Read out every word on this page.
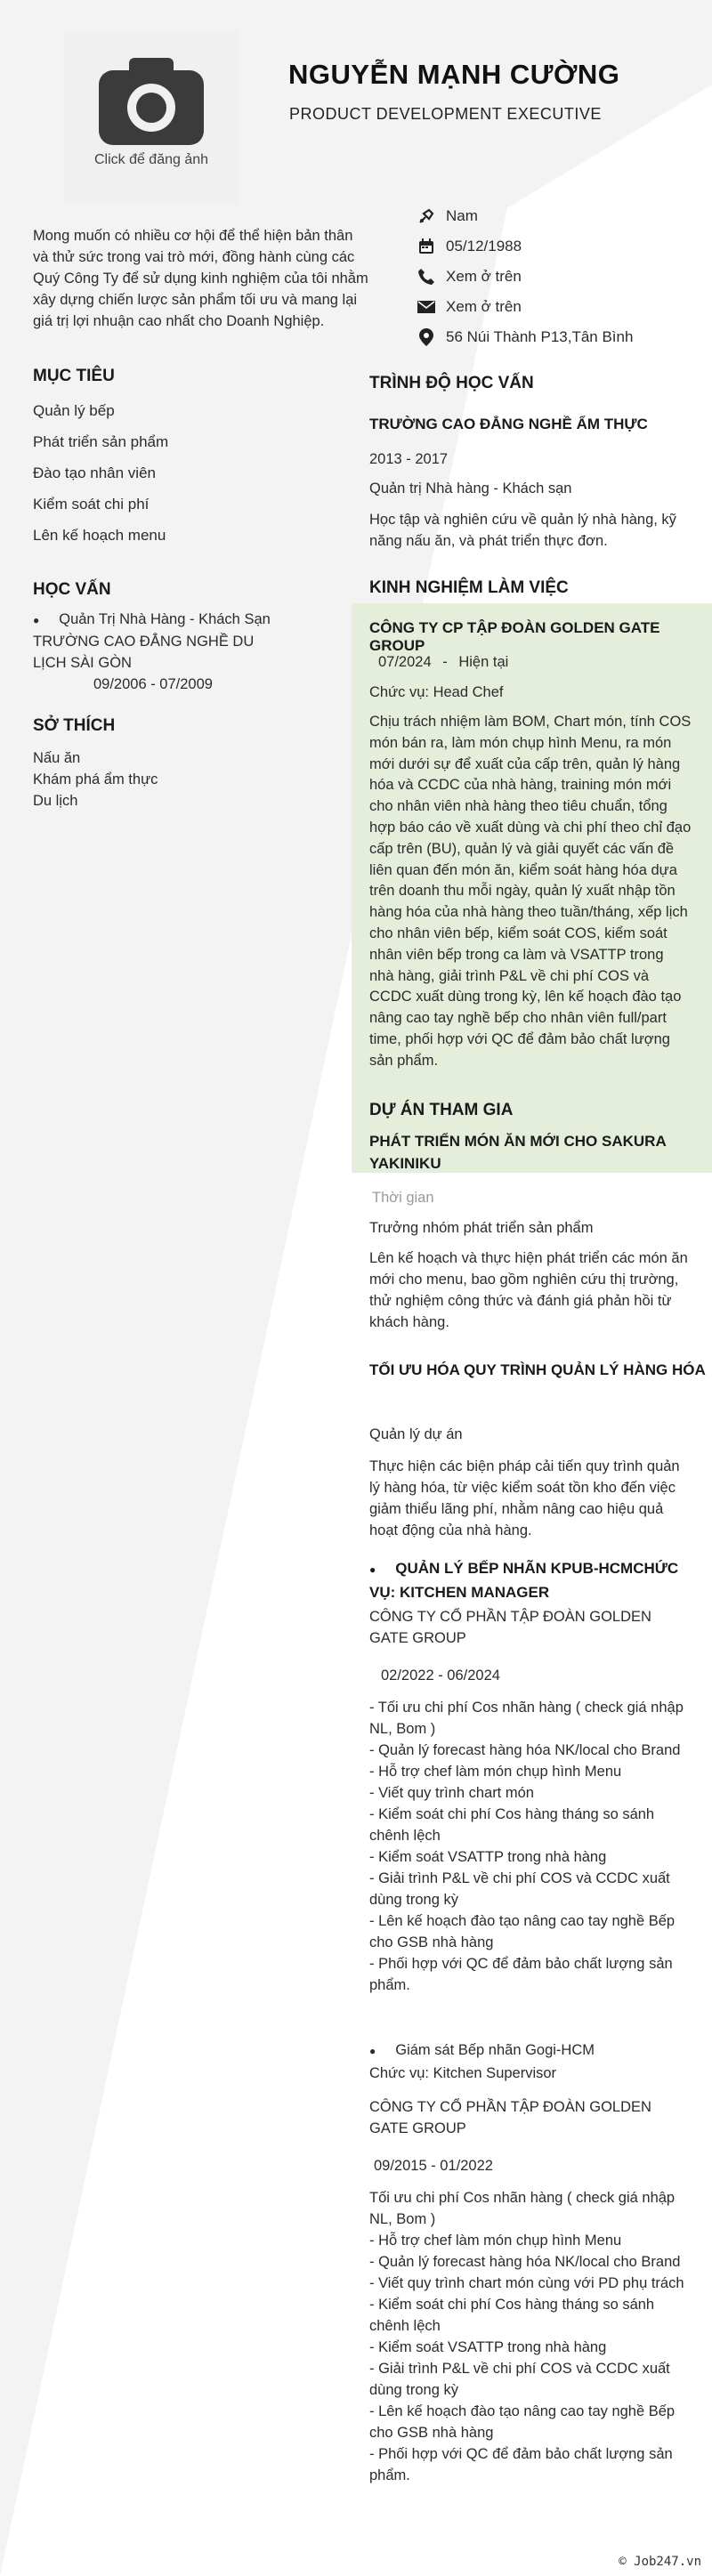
Click để đăng ảnh
NGUYỄN MẠNH CƯỜNG
PRODUCT DEVELOPMENT EXECUTIVE
Mong muốn có nhiều cơ hội để thể hiện bản thân và thử sức trong vai trò mới, đồng hành cùng các Quý Công Ty để sử dụng kinh nghiệm của tôi nhằm xây dựng chiến lược sản phẩm tối ưu và mang lại giá trị lợi nhuận cao nhất cho Doanh Nghiệp.
Nam
05/12/1988
Xem ở trên
Xem ở trên
56 Núi Thành P13,Tân Bình
MỤC TIÊU
Quản lý bếp
Phát triển sản phẩm
Đào tạo nhân viên
Kiểm soát chi phí
Lên kế hoạch menu
HỌC VẤN
● Quản Trị Nhà Hàng - Khách Sạn
TRƯỜNG CAO ĐẲNG NGHỀ DU LỊCH SÀI GÒN
09/2006 - 07/2009
SỞ THÍCH
Nấu ăn
Khám phá ẩm thực
Du lịch
TRÌNH ĐỘ HỌC VẤN
TRƯỜNG CAO ĐẲNG NGHỀ ẨM THỰC
2013 - 2017
Quản trị Nhà hàng - Khách sạn
Học tập và nghiên cứu về quản lý nhà hàng, kỹ năng nấu ăn, và phát triển thực đơn.
KINH NGHIỆM LÀM VIỆC
CÔNG TY CP TẬP ĐOÀN GOLDEN GATE GROUP
07/2024 - Hiện tại
Chức vụ: Head Chef
Chịu trách nhiệm làm BOM, Chart món, tính COS món bán ra, làm món chụp hình Menu, ra món mới dưới sự để xuất của cấp trên, quản lý hàng hóa và CCDC của nhà hàng, training món mới cho nhân viên nhà hàng theo tiêu chuẩn, tổng hợp báo cáo về xuất dùng và chi phí theo chỉ đạo cấp trên (BU), quản lý và giải quyết các vấn đề liên quan đến món ăn, kiểm soát hàng hóa dựa trên doanh thu mỗi ngày, quản lý xuất nhập tồn hàng hóa của nhà hàng theo tuần/tháng, xếp lịch cho nhân viên bếp, kiểm soát COS, kiểm soát nhân viên bếp trong ca làm và VSATTP trong nhà hàng, giải trình P&L về chi phí COS và CCDC xuất dùng trong kỳ, lên kế hoạch đào tạo nâng cao tay nghề bếp cho nhân viên full/part time, phối hợp với QC để đảm bảo chất lượng sản phẩm.
DỰ ÁN THAM GIA
PHÁT TRIỂN MÓN ĂN MỚI CHO SAKURA YAKINIKU
Thời gian
Trưởng nhóm phát triển sản phẩm
Lên kế hoạch và thực hiện phát triển các món ăn mới cho menu, bao gồm nghiên cứu thị trường, thử nghiệm công thức và đánh giá phản hồi từ khách hàng.
TỐI ƯU HÓA QUY TRÌNH QUẢN LÝ HÀNG HÓA
Quản lý dự án
Thực hiện các biện pháp cải tiến quy trình quản lý hàng hóa, từ việc kiểm soát tồn kho đến việc giảm thiểu lãng phí, nhằm nâng cao hiệu quả hoạt động của nhà hàng.
● QUẢN LÝ BẾP NHÃN KPUB-HCMCHỨC VỤ: KITCHEN MANAGER
CÔNG TY CỔ PHẦN TẬP ĐOÀN GOLDEN GATE GROUP
02/2022 - 06/2024
- Tối ưu chi phí Cos nhãn hàng ( check giá nhập NL, Bom )
- Quản lý forecast hàng hóa NK/local cho Brand
- Hỗ trợ chef làm món chụp hình Menu
- Viết quy trình chart món
- Kiểm soát chi phí Cos hàng tháng so sánh chênh lệch
- Kiểm soát VSATTP trong nhà hàng
- Giải trình P&L về chi phí COS và CCDC xuất dùng trong kỳ
- Lên kế hoạch đào tạo nâng cao tay nghề Bếp cho GSB nhà hàng
- Phối hợp với QC để đảm bảo chất lượng sản phẩm.
● Giám sát Bếp nhãn Gogi-HCM
Chức vụ: Kitchen Supervisor
CÔNG TY CỔ PHẦN TẬP ĐOÀN GOLDEN GATE GROUP
09/2015 - 01/2022
Tối ưu chi phí Cos nhãn hàng ( check giá nhập NL, Bom )
- Hỗ trợ chef làm món chụp hình Menu
- Quản lý forecast hàng hóa NK/local cho Brand
- Viết quy trình chart món cùng với PD phụ trách
- Kiểm soát chi phí Cos hàng tháng so sánh chênh lệch
- Kiểm soát VSATTP trong nhà hàng
- Giải trình P&L về chi phí COS và CCDC xuất dùng trong kỳ
- Lên kế hoạch đào tạo nâng cao tay nghề Bếp cho GSB nhà hàng
- Phối hợp với QC để đảm bảo chất lượng sản phẩm.
© Job247.vn
